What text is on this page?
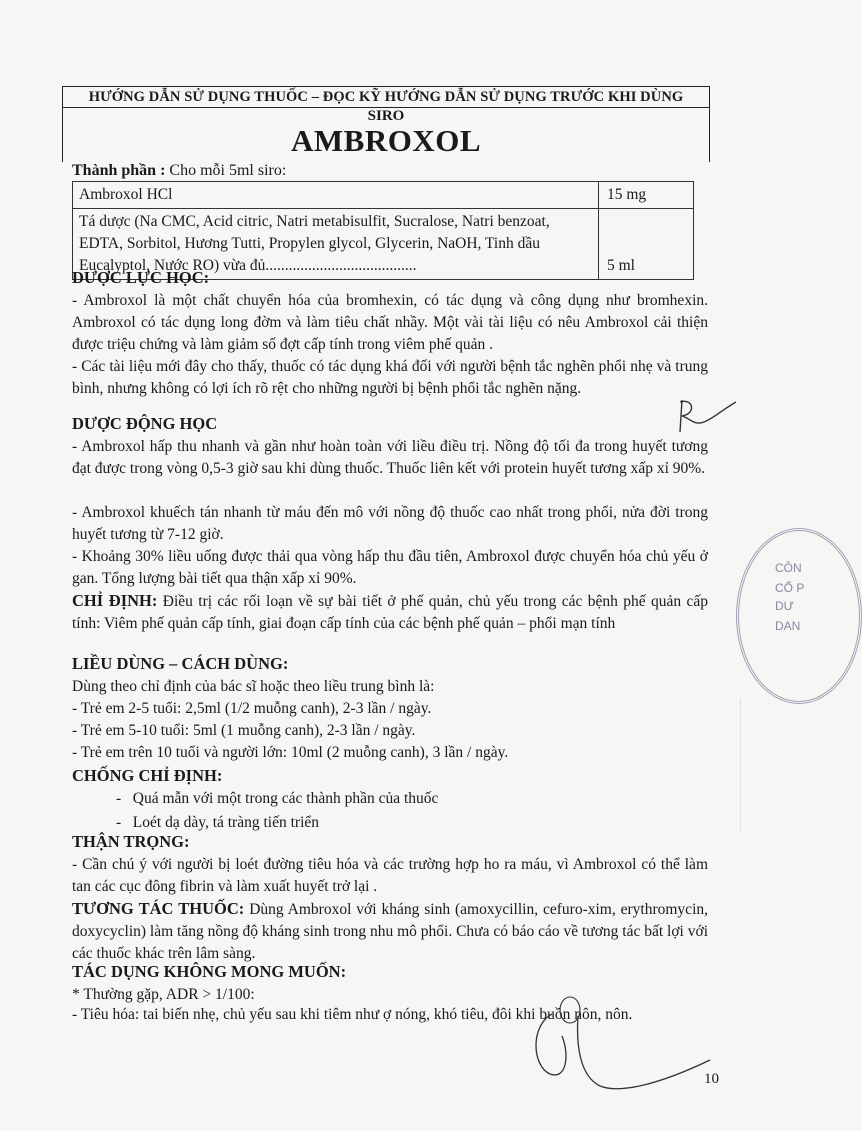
HƯỚNG DẪN SỬ DỤNG THUỐC – ĐỌC KỸ HƯỚNG DẪN SỬ DỤNG TRƯỚC KHI DÙNG
SIRO
AMBROXOL
Thành phần : Cho mỗi 5ml siro:
Ambroxol HCl	15 mg
Tá dược (Na CMC, Acid citric, Natri metabisulfit, Sucralose, Natri benzoat, EDTA, Sorbitol, Hương Tutti, Propylen glycol, Glycerin, NaOH, Tinh dầu Eucalyptol, Nước RO) vừa đủ.......................................	5 ml
DƯỢC LỰC HỌC:
- Ambroxol là một chất chuyển hóa của bromhexin, có tác dụng và công dụng như bromhexin. Ambroxol có tác dụng long đờm và làm tiêu chất nhầy. Một vài tài liệu có nêu Ambroxol cải thiện được triệu chứng và làm giảm số đợt cấp tính trong viêm phế quản .
- Các tài liệu mới đây cho thấy, thuốc có tác dụng khá đối với người bệnh tắc nghẽn phổi nhẹ và trung bình, nhưng không có lợi ích rõ rệt cho những người bị bệnh phổi tắc nghẽn nặng.
DƯỢC ĐỘNG HỌC
- Ambroxol hấp thu nhanh và gần như hoàn toàn với liều điều trị. Nồng độ tối đa trong huyết tương đạt được trong vòng 0,5-3 giờ sau khi dùng thuốc. Thuốc liên kết với protein huyết tương xấp xỉ 90%.
- Ambroxol khuếch tán nhanh từ máu đến mô với nồng độ thuốc cao nhất trong phổi, nửa đời trong huyết tương từ 7-12 giờ.
- Khoảng 30% liều uống được thải qua vòng hấp thu đầu tiên, Ambroxol được chuyển hóa chủ yếu ở gan. Tổng lượng bài tiết qua thận xấp xỉ 90%.
CHỈ ĐỊNH: Điều trị các rối loạn về sự bài tiết ở phế quản, chủ yếu trong các bệnh phế quản cấp tính: Viêm phế quản cấp tính, giai đoạn cấp tính của các bệnh phế quản – phổi mạn tính
LIỀU DÙNG – CÁCH DÙNG:
Dùng theo chỉ định của bác sĩ hoặc theo liều trung bình là:
- Trẻ em 2-5 tuổi: 2,5ml (1/2 muỗng canh), 2-3 lần / ngày.
- Trẻ em 5-10 tuổi: 5ml (1 muỗng canh), 2-3 lần / ngày.
- Trẻ em trên 10 tuổi và người lớn: 10ml (2 muỗng canh), 3 lần / ngày.
CHỐNG CHỈ ĐỊNH:
-   Quá mẫn với một trong các thành phần của thuốc
-   Loét dạ dày, tá tràng tiến triển
THẬN TRỌNG:
- Cần chú ý với người bị loét đường tiêu hóa và các trường hợp ho ra máu, vì Ambroxol có thể làm tan các cục đông fibrin và làm xuất huyết trở lại .
TƯƠNG TÁC THUỐC: Dùng Ambroxol với kháng sinh (amoxycillin, cefuro-xim, erythromycin, doxycyclin) làm tăng nồng độ kháng sinh trong nhu mô phổi. Chưa có báo cáo về tương tác bất lợi với các thuốc khác trên lâm sàng.
TÁC DỤNG KHÔNG MONG MUỐN:
* Thường gặp, ADR > 1/100:
- Tiêu hóa: tai biến nhẹ, chủ yếu sau khi tiêm như ợ nóng, khó tiêu, đôi khi buồn nôn, nôn.
10
CÔN
CỔ P
DƯ
DAN
